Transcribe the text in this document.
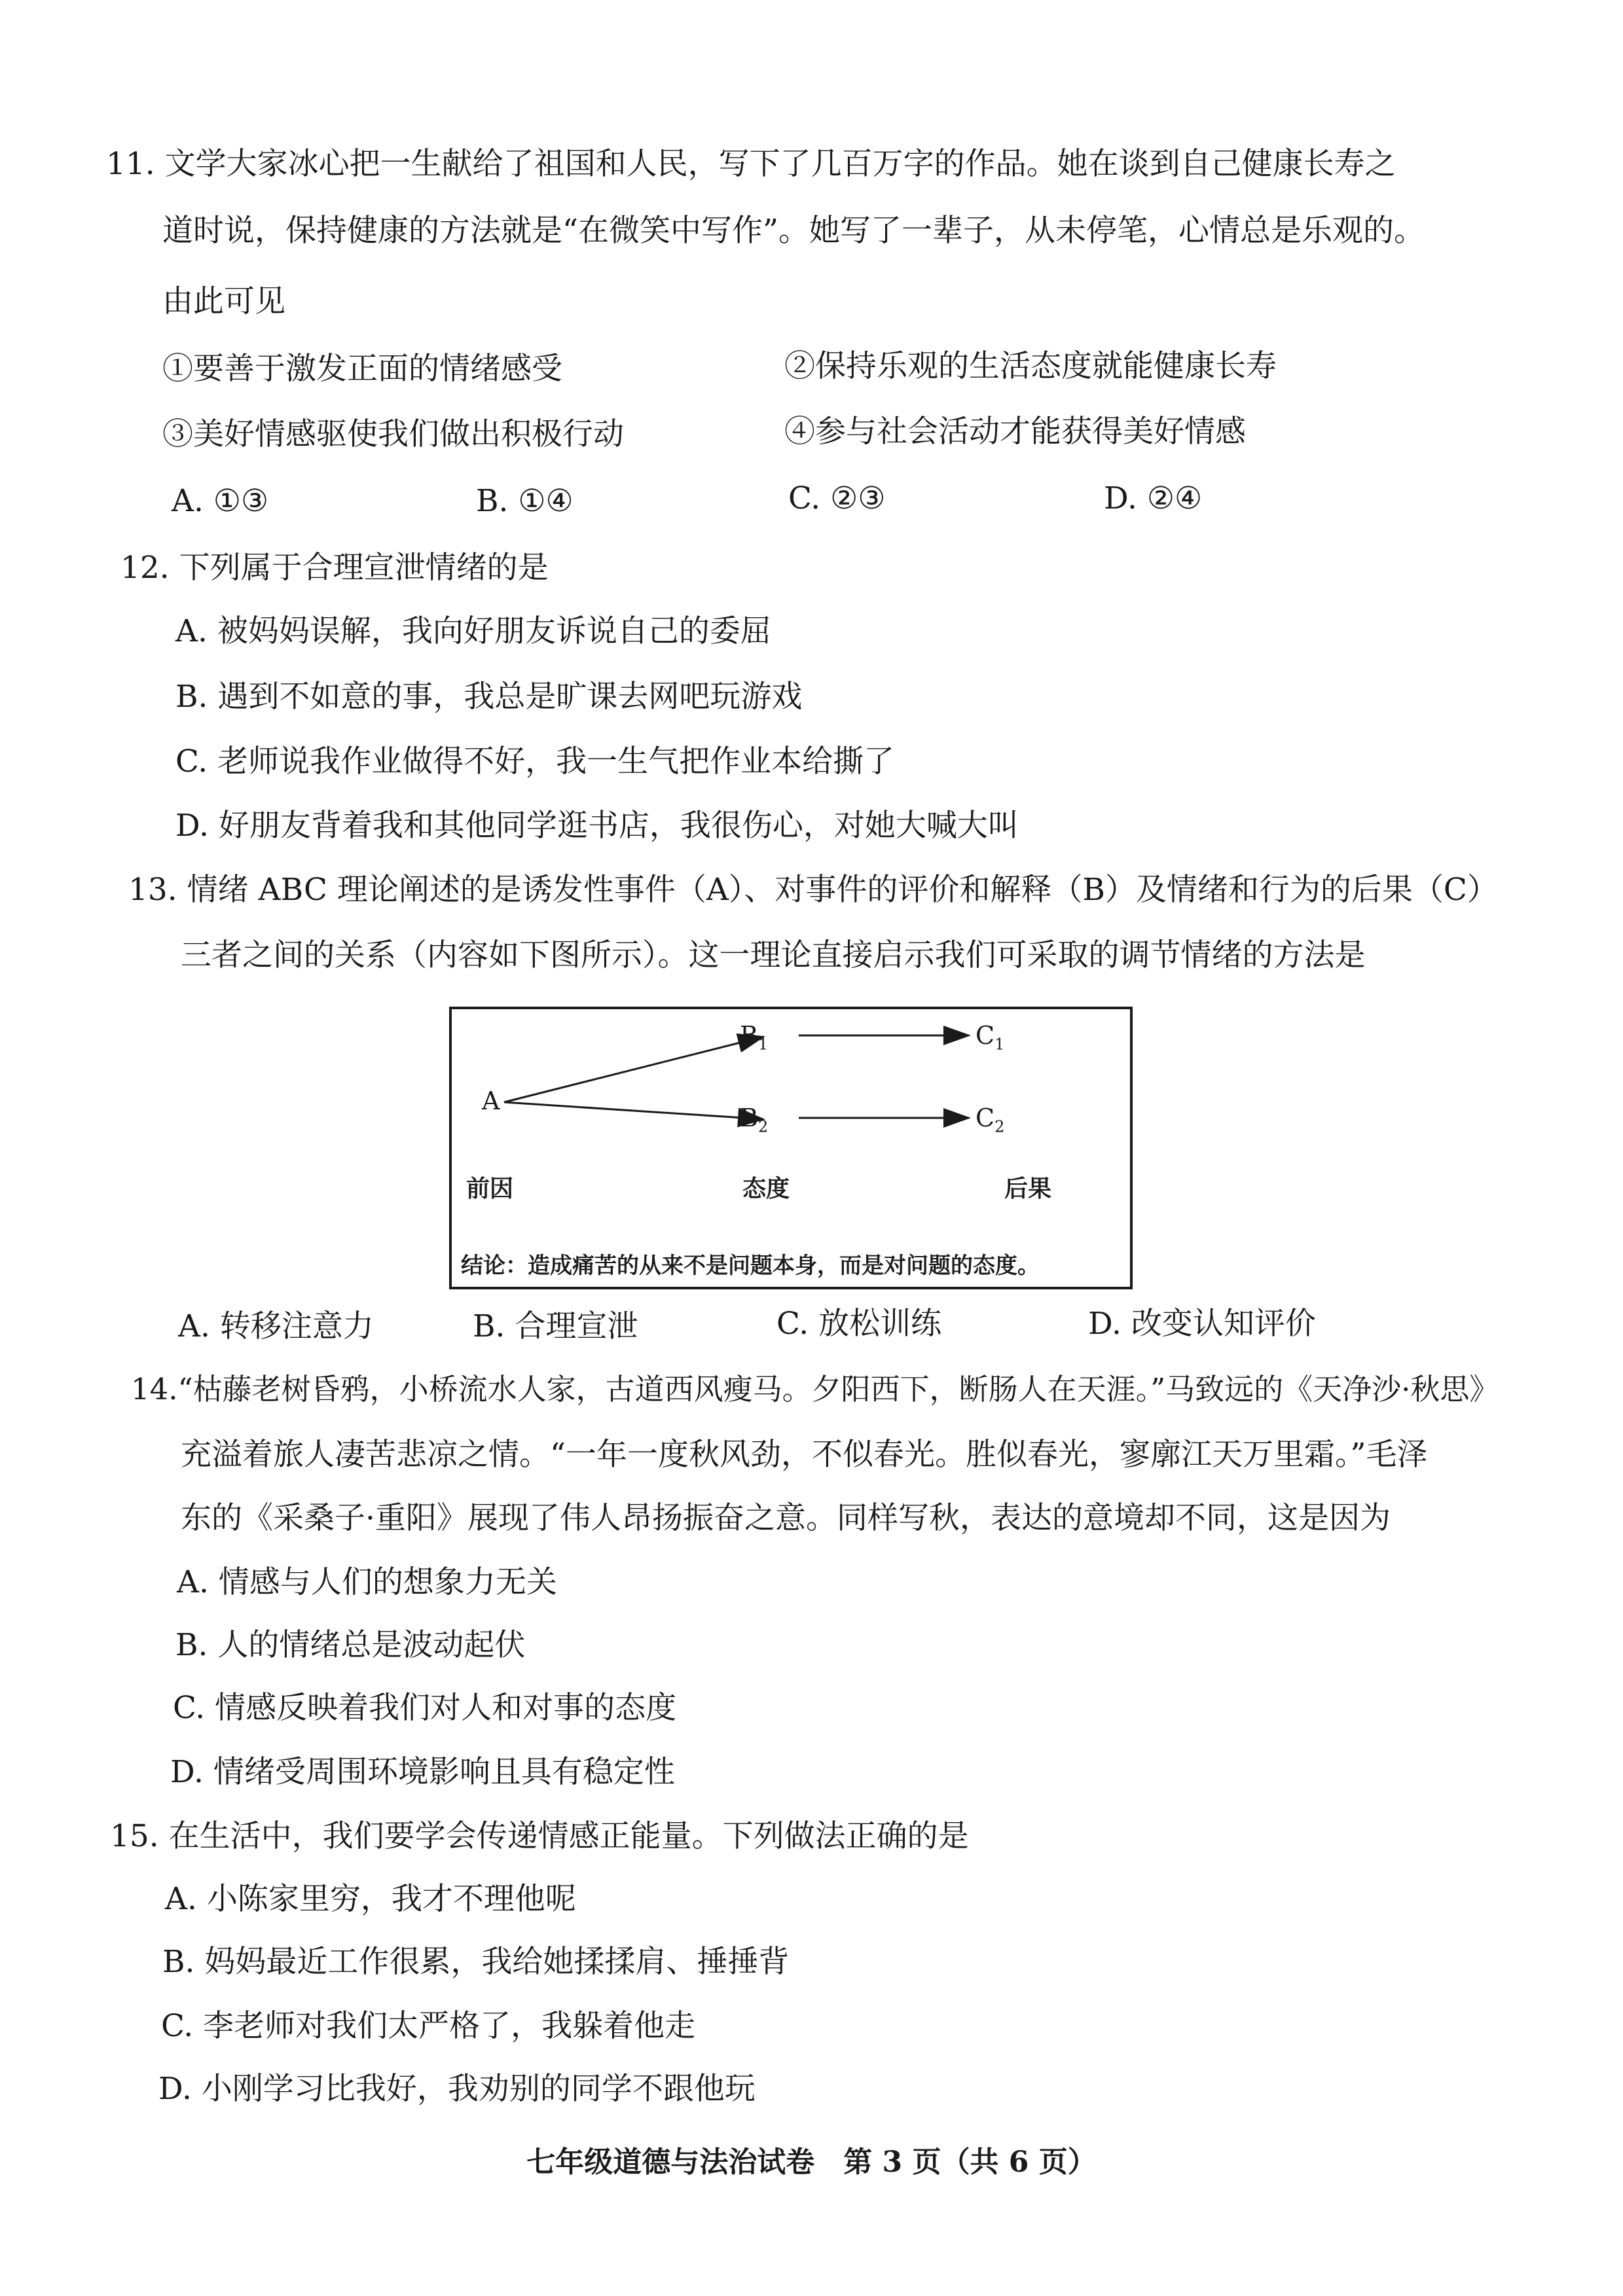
11. 文学大家冰心把一生献给了祖国和人民，写下了几百万字的作品。她在谈到自己健康长寿之
道时说，保持健康的方法就是“在微笑中写作”。她写了一辈子，从未停笔，心情总是乐观的。
由此可见
①要善于激发正面的情绪感受	②保持乐观的生活态度就能健康长寿
③美好情感驱使我们做出积极行动	④参与社会活动才能获得美好情感
A. ①③	B. ①④	C. ②③	D. ②④
12. 下列属于合理宣泄情绪的是
A. 被妈妈误解，我向好朋友诉说自己的委屈
B. 遇到不如意的事，我总是旷课去网吧玩游戏
C. 老师说我作业做得不好，我一生气把作业本给撕了
D. 好朋友背着我和其他同学逛书店，我很伤心，对她大喊大叫
13. 情绪 ABC 理论阐述的是诱发性事件（A）、对事件的评价和解释（B）及情绪和行为的后果（C）
三者之间的关系（内容如下图所示）。这一理论直接启示我们可采取的调节情绪的方法是
A
$B_1$
$B_2$
$C_1$
$C_2$
前因	态度	后果
结论：造成痛苦的从来不是问题本身，而是对问题的态度。
A. 转移注意力	B. 合理宣泄	C. 放松训练	D. 改变认知评价
14.“枯藤老树昏鸦，小桥流水人家，古道西风瘦马。夕阳西下，断肠人在天涯。”马致远的《天净沙·秋思》
充溢着旅人凄苦悲凉之情。“一年一度秋风劲，不似春光。胜似春光，寥廓江天万里霜。”毛泽
东的《采桑子·重阳》展现了伟人昂扬振奋之意。同样写秋，表达的意境却不同，这是因为
A. 情感与人们的想象力无关
B. 人的情绪总是波动起伏
C. 情感反映着我们对人和对事的态度
D. 情绪受周围环境影响且具有稳定性
15. 在生活中，我们要学会传递情感正能量。下列做法正确的是
A. 小陈家里穷，我才不理他呢
B. 妈妈最近工作很累，我给她揉揉肩、捶捶背
C. 李老师对我们太严格了，我躲着他走
D. 小刚学习比我好，我劝别的同学不跟他玩
七年级道德与法治试卷　第 3 页（共 6 页）
